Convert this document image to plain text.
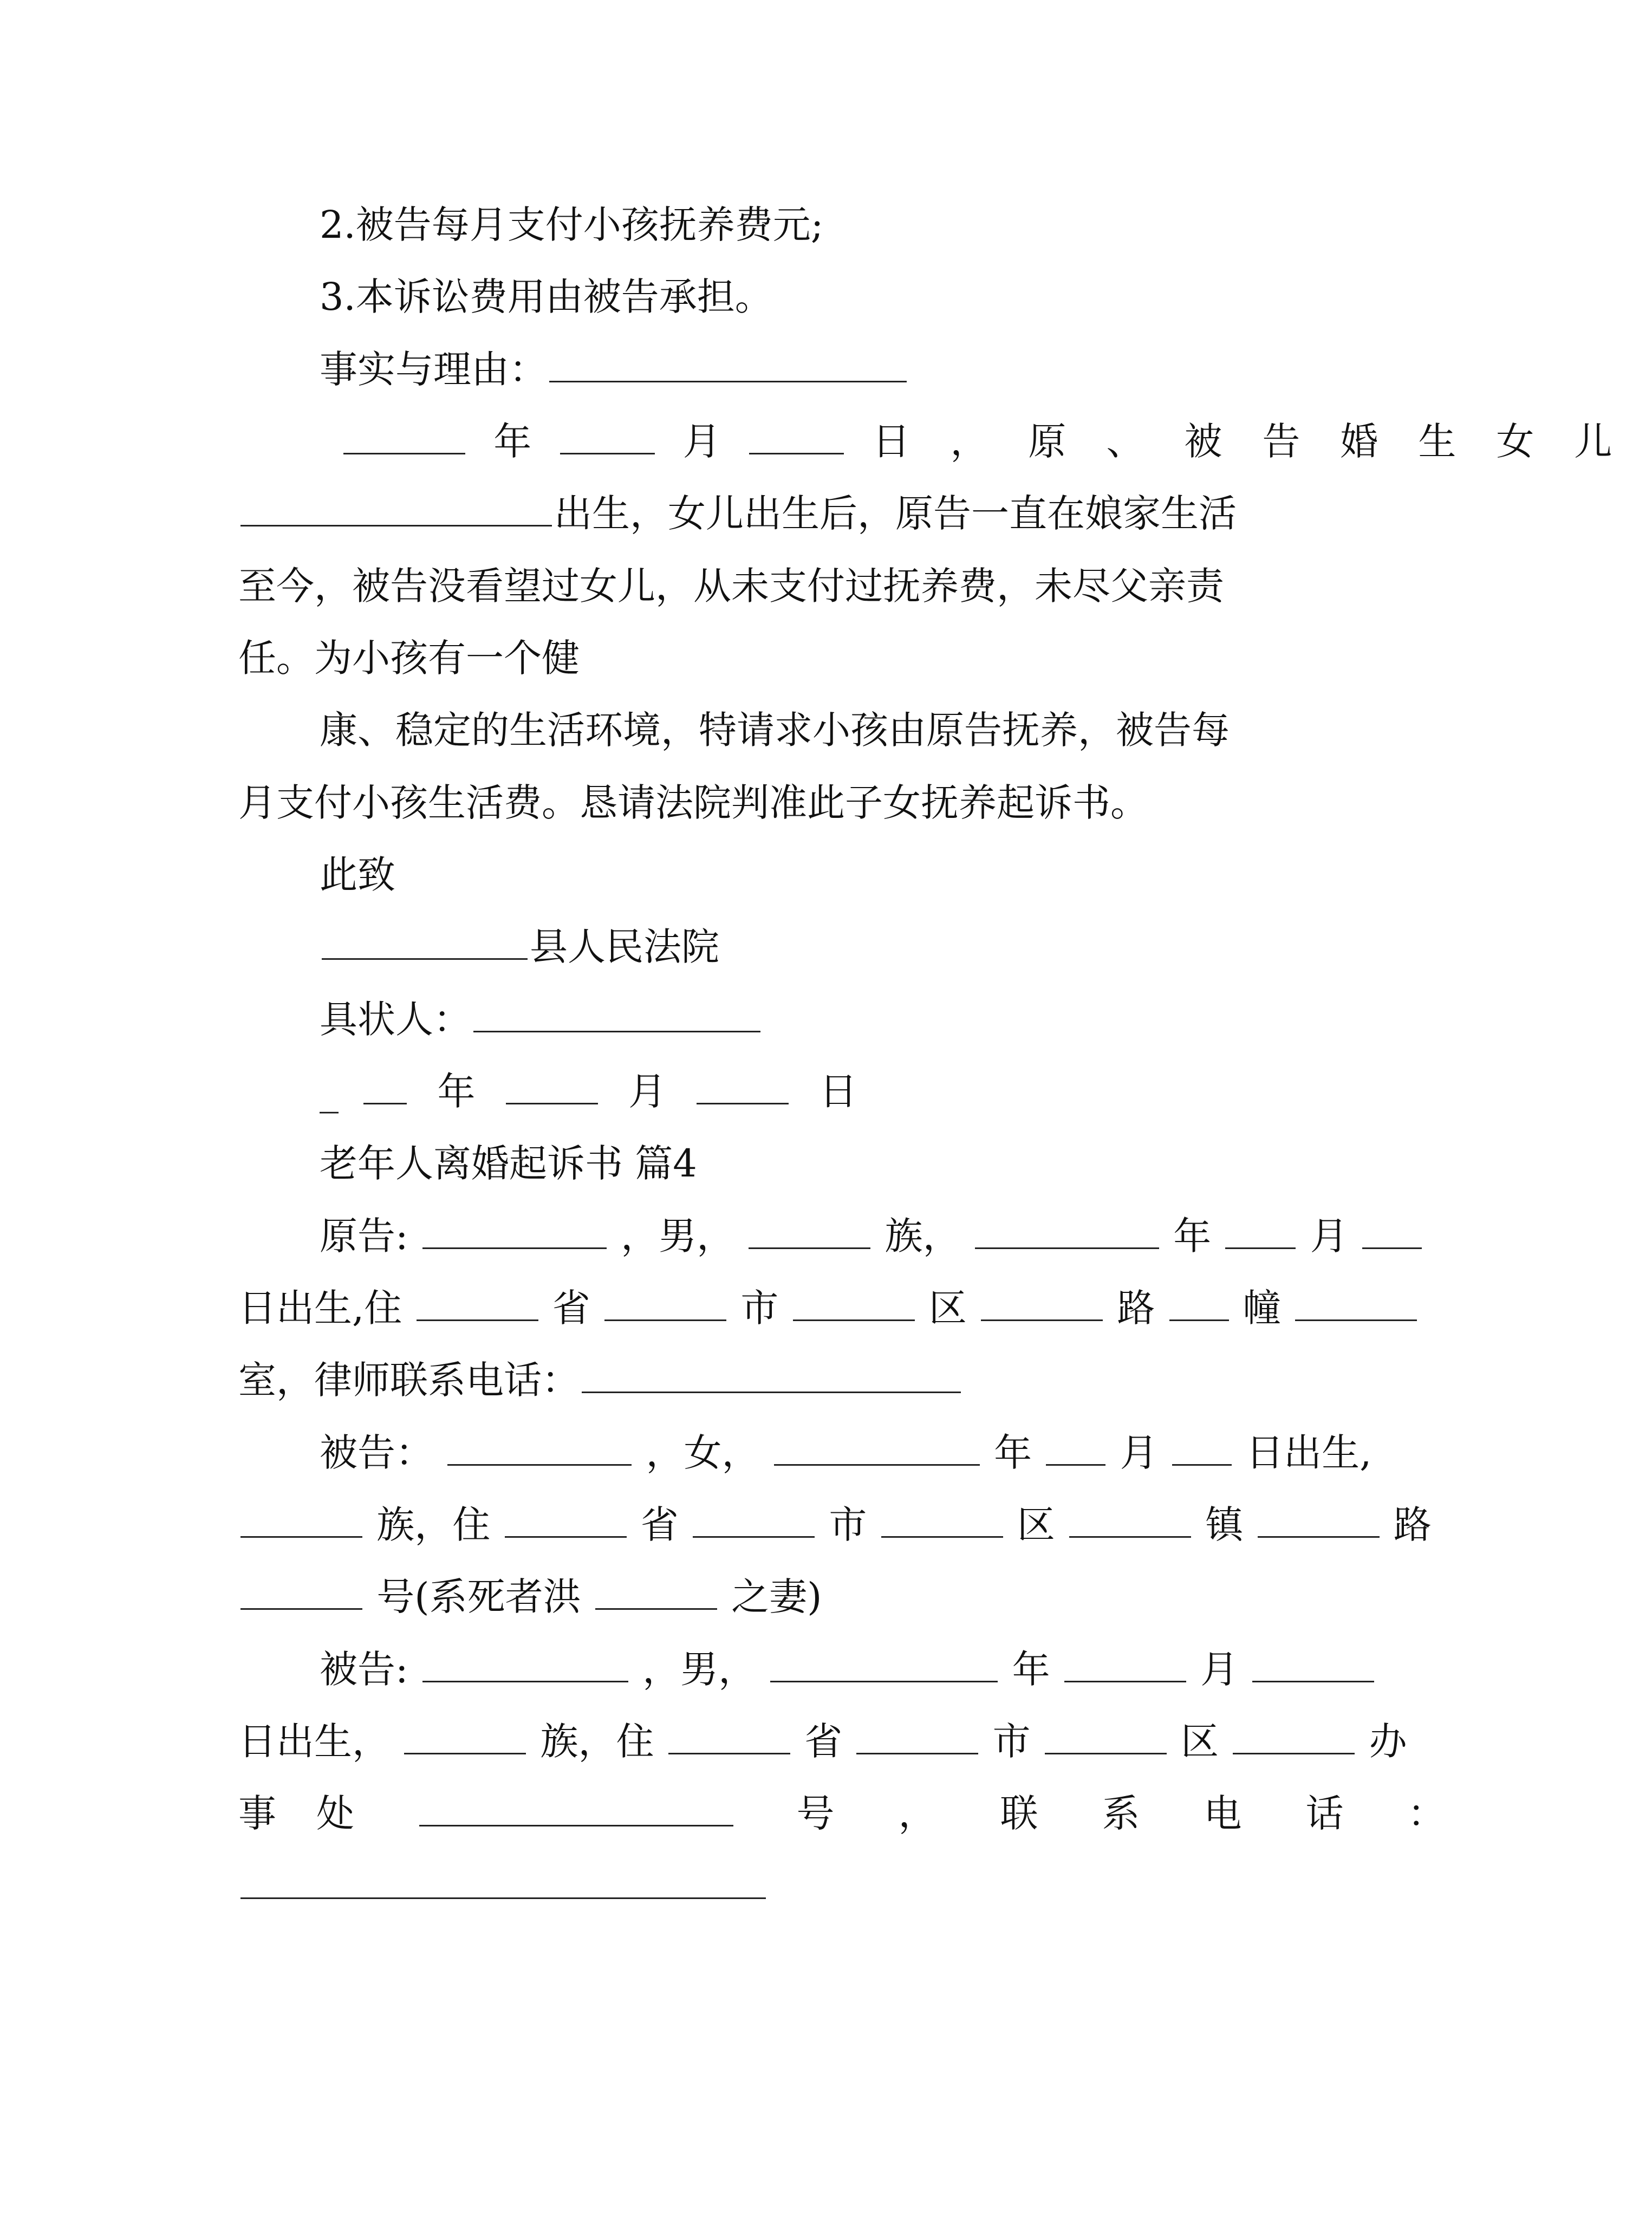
2.被告每月支付小孩抚养费元;
3.本诉讼费用由被告承担。
事实与理由：
年	月	日，原、被告婚生女儿
出生，女儿出生后，原告一直在娘家生活
至今，被告没看望过女儿，从未支付过抚养费，未尽父亲责
任。为小孩有一个健
康、稳定的生活环境，特请求小孩由原告抚养，被告每
月支付小孩生活费。恳请法院判准此子女抚养起诉书。
此致
县人民法院
具状人：
_	年	月	日
老年人离婚起诉书 篇4
原告:	，男，	族，	年	月
日出生,住	省	市	区	路 幢
室，律师联系电话：
被告：	，女，	年 月 日出生,
族，住	省	市	区	镇	路
号(系死者洪	之妻)
被告:	，男，	年	月
日出生，	族，住	省	市	区	办
事处	号，联系电话：
